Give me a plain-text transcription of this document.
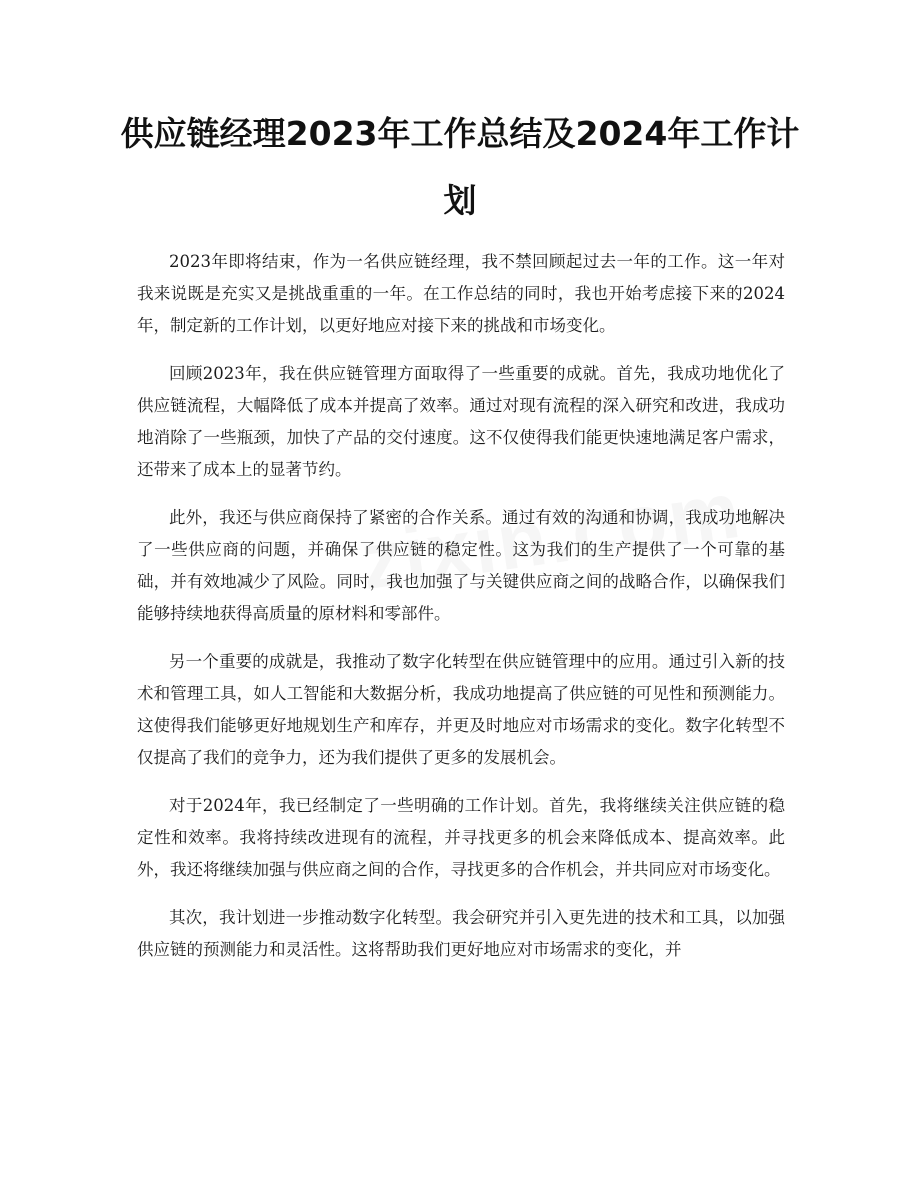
供应链经理2023年工作总结及2024年工作计划

2023年即将结束，作为一名供应链经理，我不禁回顾起过去一年的工作。这一年对我来说既是充实又是挑战重重的一年。在工作总结的同时，我也开始考虑接下来的2024年，制定新的工作计划，以更好地应对接下来的挑战和市场变化。

回顾2023年，我在供应链管理方面取得了一些重要的成就。首先，我成功地优化了供应链流程，大幅降低了成本并提高了效率。通过对现有流程的深入研究和改进，我成功地消除了一些瓶颈，加快了产品的交付速度。这不仅使得我们能更快速地满足客户需求，还带来了成本上的显著节约。

此外，我还与供应商保持了紧密的合作关系。通过有效的沟通和协调，我成功地解决了一些供应商的问题，并确保了供应链的稳定性。这为我们的生产提供了一个可靠的基础，并有效地减少了风险。同时，我也加强了与关键供应商之间的战略合作，以确保我们能够持续地获得高质量的原材料和零部件。

另一个重要的成就是，我推动了数字化转型在供应链管理中的应用。通过引入新的技术和管理工具，如人工智能和大数据分析，我成功地提高了供应链的可见性和预测能力。这使得我们能够更好地规划生产和库存，并更及时地应对市场需求的变化。数字化转型不仅提高了我们的竞争力，还为我们提供了更多的发展机会。

对于2024年，我已经制定了一些明确的工作计划。首先，我将继续关注供应链的稳定性和效率。我将持续改进现有的流程，并寻找更多的机会来降低成本、提高效率。此外，我还将继续加强与供应商之间的合作，寻找更多的合作机会，并共同应对市场变化。

其次，我计划进一步推动数字化转型。我会研究并引入更先进的技术和工具，以加强供应链的预测能力和灵活性。这将帮助我们更好地应对市场需求的变化，并
